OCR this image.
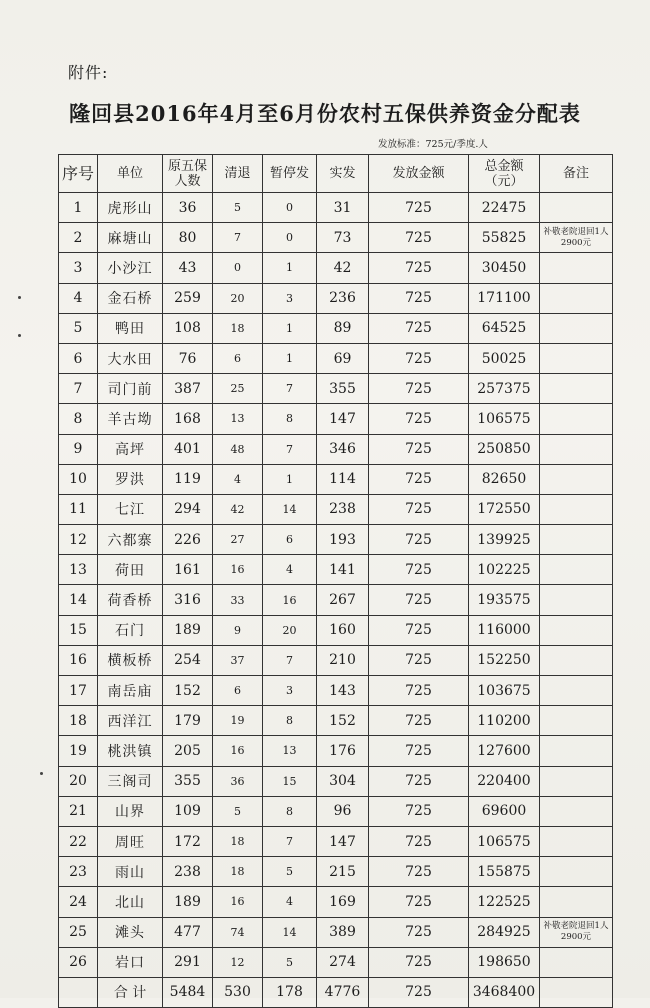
附件:
隆回县2016年4月至6月份农村五保供养资金分配表
发放标准：725元/季度.人
序号	单位	原五保人数	清退	暂停发	实发	发放金额	总金额（元）	备注
1	虎形山	36	5	0	31	725	22475	
2	麻塘山	80	7	0	73	725	55825	补敬老院退回1人2900元
3	小沙江	43	0	1	42	725	30450	
4	金石桥	259	20	3	236	725	171100	
5	鸭田	108	18	1	89	725	64525	
6	大水田	76	6	1	69	725	50025	
7	司门前	387	25	7	355	725	257375	
8	羊古坳	168	13	8	147	725	106575	
9	高坪	401	48	7	346	725	250850	
10	罗洪	119	4	1	114	725	82650	
11	七江	294	42	14	238	725	172550	
12	六都寨	226	27	6	193	725	139925	
13	荷田	161	16	4	141	725	102225	
14	荷香桥	316	33	16	267	725	193575	
15	石门	189	9	20	160	725	116000	
16	横板桥	254	37	7	210	725	152250	
17	南岳庙	152	6	3	143	725	103675	
18	西洋江	179	19	8	152	725	110200	
19	桃洪镇	205	16	13	176	725	127600	
20	三阁司	355	36	15	304	725	220400	
21	山界	109	5	8	96	725	69600	
22	周旺	172	18	7	147	725	106575	
23	雨山	238	18	5	215	725	155875	
24	北山	189	16	4	169	725	122525	
25	滩头	477	74	14	389	725	284925	补敬老院退回1人2900元
26	岩口	291	12	5	274	725	198650	
	合 计	5484	530	178	4776	725	3468400	
